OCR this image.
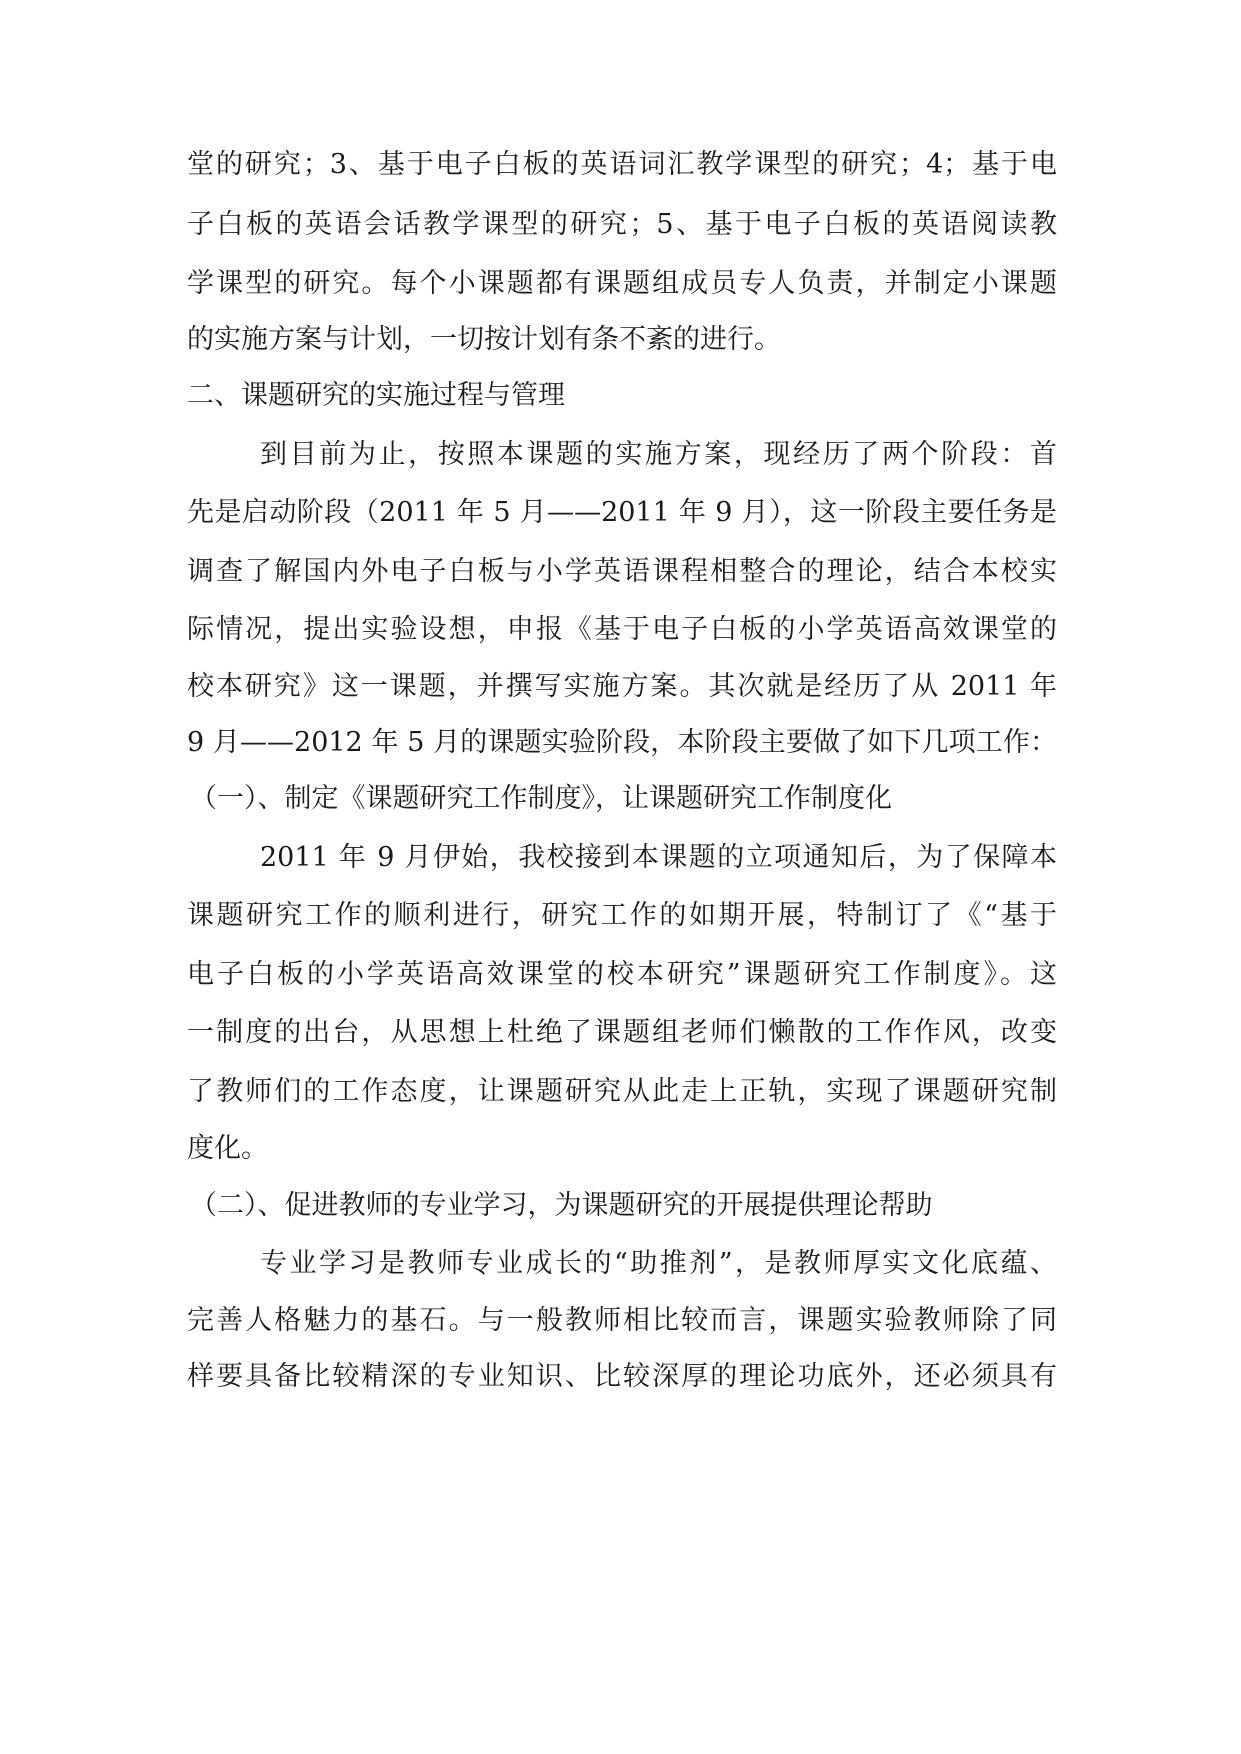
堂的研究；3、基于电子白板的英语词汇教学课型的研究；4；基于电
子白板的英语会话教学课型的研究；5、基于电子白板的英语阅读教
学课型的研究。每个小课题都有课题组成员专人负责，并制定小课题
的实施方案与计划，一切按计划有条不紊的进行。
二、课题研究的实施过程与管理
到目前为止，按照本课题的实施方案，现经历了两个阶段：首
先是启动阶段（2011 年 5 月——2011 年 9 月），这一阶段主要任务是
调查了解国内外电子白板与小学英语课程相整合的理论，结合本校实
际情况，提出实验设想，申报《基于电子白板的小学英语高效课堂的
校本研究》这一课题，并撰写实施方案。其次就是经历了从 2011 年
9 月——2012 年 5 月的课题实验阶段，本阶段主要做了如下几项工作：
（一）、制定《课题研究工作制度》，让课题研究工作制度化
2011 年 9 月伊始，我校接到本课题的立项通知后，为了保障本
课题研究工作的顺利进行，研究工作的如期开展，特制订了《“基于
电子白板的小学英语高效课堂的校本研究”课题研究工作制度》。这
一制度的出台，从思想上杜绝了课题组老师们懒散的工作作风，改变
了教师们的工作态度，让课题研究从此走上正轨，实现了课题研究制
度化。
（二）、促进教师的专业学习，为课题研究的开展提供理论帮助
专业学习是教师专业成长的“助推剂”，是教师厚实文化底蕴、
完善人格魅力的基石。与一般教师相比较而言，课题实验教师除了同
样要具备比较精深的专业知识、比较深厚的理论功底外，还必须具有
